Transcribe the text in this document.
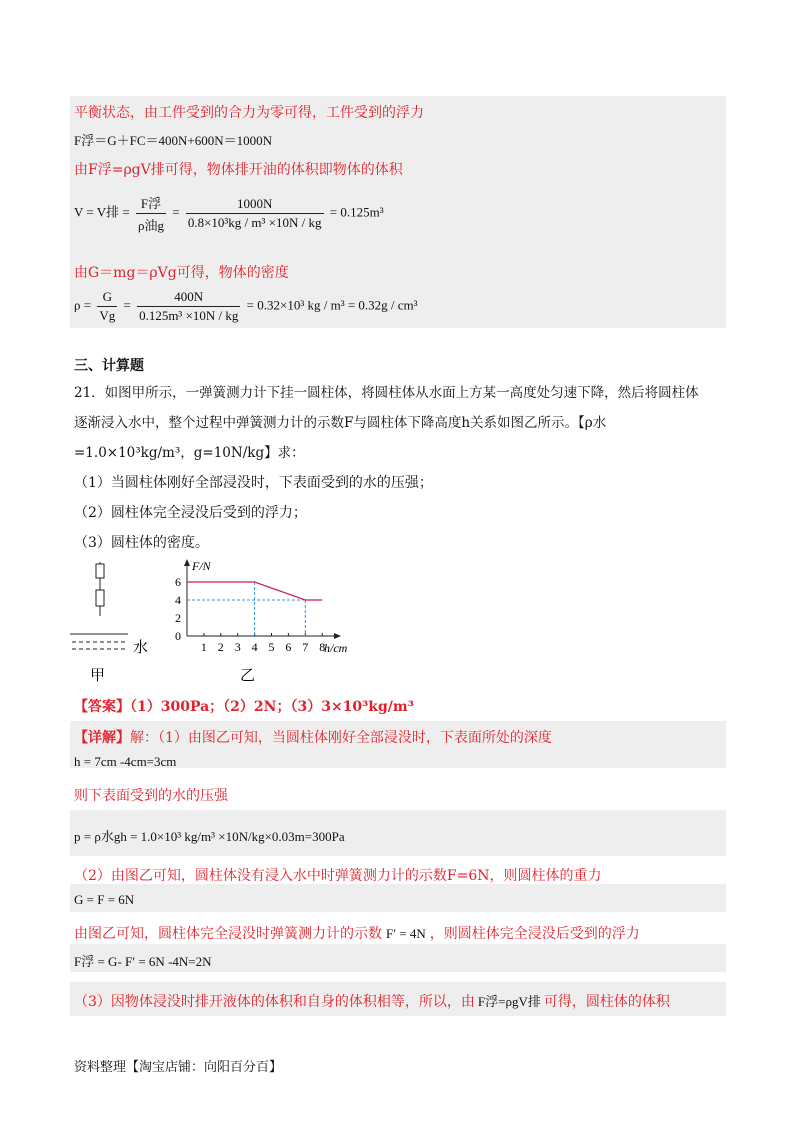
平衡状态，由工件受到的合力为零可得，工件受到的浮力
F浮＝G＋FC＝400N+600N＝1000N
由F浮=ρgV排可得，物体排开油的体积即物体的体积
V = V排 = $\frac{\text{F浮}}{\text{ρ油g}} = \frac{1000N}{\text{0.8×10³kg / m³ ×10N / kg}} = 0.125m^3$
由G＝mg＝ρVg可得，物体的密度
$\rho = \frac{G}{Vg} = \frac{400N}{\text{0.125m³ ×10N / kg}} = 0.32\times 10^3$ kg / m³ = 0.32g / cm³
三、计算题
21．如图甲所示，一弹簧测力计下挂一圆柱体，将圆柱体从水面上方某一高度处匀速下降，然后将圆柱体
逐渐浸入水中，整个过程中弹簧测力计的示数F与圆柱体下降高度h关系如图乙所示。【ρ水
=1.0×10³kg/m³，g=10N/kg】求：
（1）当圆柱体刚好全部浸没时，下表面受到的水的压强；
（2）圆柱体完全浸没后受到的浮力；
（3）圆柱体的密度。
水
甲
F/N
h/cm
6
4
2
0
1 2 3 4 5 6 7 8
乙
【答案】（1）300Pa；（2）2N；（3）3×10³kg/m³
【详解】解：（1）由图乙可知，当圆柱体刚好全部浸没时，下表面所处的深度
h = 7cm -4cm=3cm
则下表面受到的水的压强
p = ρ水gh = 1.0×10³ kg/m³ ×10N/kg×0.03m=300Pa
（2）由图乙可知，圆柱体没有浸入水中时弹簧测力计的示数F=6N，则圆柱体的重力
G = F = 6N
由图乙可知，圆柱体完全浸没时弹簧测力计的示数 F′ = 4N ，则圆柱体完全浸没后受到的浮力
F浮 = G- F′ = 6N -4N=2N
（3）因物体浸没时排开液体的体积和自身的体积相等，所以，由 F浮=ρgV排 可得，圆柱体的体积
资料整理【淘宝店铺：向阳百分百】
